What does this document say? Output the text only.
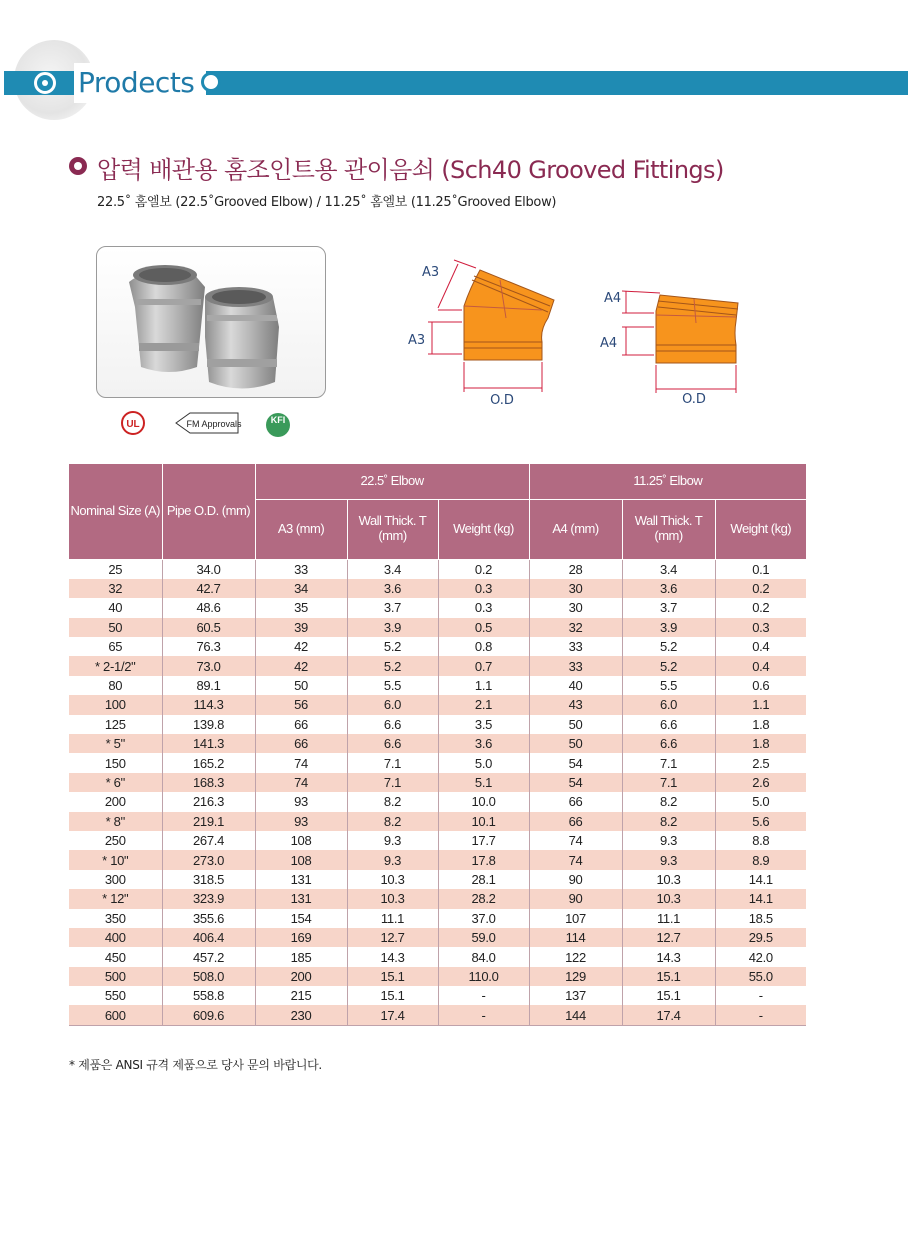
Prodects
압력 배관용 홈조인트용 관이음쇠 (Sch40 Grooved Fittings)
22.5˚ 홈엘보 (22.5˚Grooved Elbow) / 11.25˚ 홈엘보 (11.25˚Grooved Elbow)
UL	FM Approvals	KFI
A3
A3
O.D
A4
A4
O.D
Nominal Size (A)	Pipe O.D. (mm)	22.5˚ Elbow			11.25˚ Elbow		
		A3 (mm)	Wall Thick. T (mm)	Weight (kg)	A4 (mm)	Wall Thick. T (mm)	Weight (kg)
25	34.0	33	3.4	0.2	28	3.4	0.1
32	42.7	34	3.6	0.3	30	3.6	0.2
40	48.6	35	3.7	0.3	30	3.7	0.2
50	60.5	39	3.9	0.5	32	3.9	0.3
65	76.3	42	5.2	0.8	33	5.2	0.4
* 2-1/2"	73.0	42	5.2	0.7	33	5.2	0.4
80	89.1	50	5.5	1.1	40	5.5	0.6
100	114.3	56	6.0	2.1	43	6.0	1.1
125	139.8	66	6.6	3.5	50	6.6	1.8
* 5"	141.3	66	6.6	3.6	50	6.6	1.8
150	165.2	74	7.1	5.0	54	7.1	2.5
* 6"	168.3	74	7.1	5.1	54	7.1	2.6
200	216.3	93	8.2	10.0	66	8.2	5.0
* 8"	219.1	93	8.2	10.1	66	8.2	5.6
250	267.4	108	9.3	17.7	74	9.3	8.8
* 10"	273.0	108	9.3	17.8	74	9.3	8.9
300	318.5	131	10.3	28.1	90	10.3	14.1
* 12"	323.9	131	10.3	28.2	90	10.3	14.1
350	355.6	154	11.1	37.0	107	11.1	18.5
400	406.4	169	12.7	59.0	114	12.7	29.5
450	457.2	185	14.3	84.0	122	14.3	42.0
500	508.0	200	15.1	110.0	129	15.1	55.0
550	558.8	215	15.1	-	137	15.1	-
600	609.6	230	17.4	-	144	17.4	-
* 제품은 ANSI 규격 제품으로 당사 문의 바랍니다.
